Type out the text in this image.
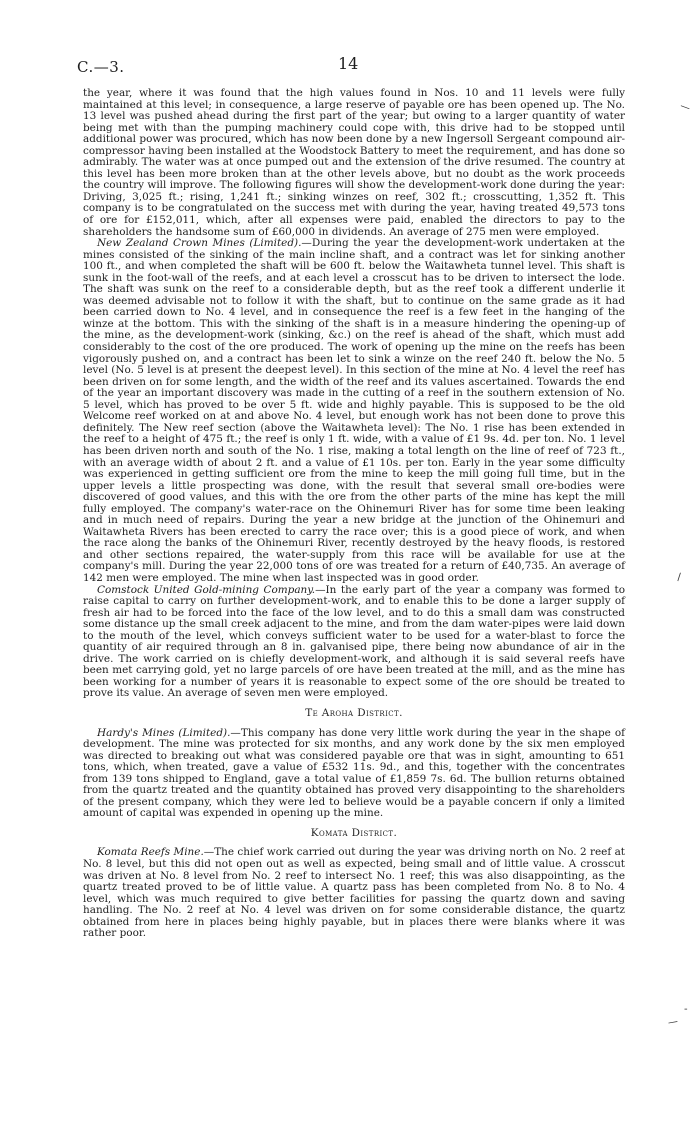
C.—3.	14

the year, where it was found that the high values found in Nos. 10 and 11 levels were fully maintained at this level; in consequence, a large reserve of payable ore has been opened up. The No. 13 level was pushed ahead during the first part of the year; but owing to a larger quantity of water being met with than the pumping machinery could cope with, this drive had to be stopped until additional power was procured, which has now been done by a new Ingersoll Sergeant compound air-compressor having been installed at the Woodstock Battery to meet the requirement, and has done so admirably. The water was at once pumped out and the extension of the drive resumed. The country at this level has been more broken than at the other levels above, but no doubt as the work proceeds the country will improve. The following figures will show the development-work done during the year: Driving, 3,025 ft.; rising, 1,241 ft.; sinking winzes on reef, 302 ft.; crosscutting, 1,352 ft. This company is to be congratulated on the success met with during the year, having treated 49,573 tons of ore for £152,011, which, after all expenses were paid, enabled the directors to pay to the shareholders the handsome sum of £60,000 in dividends. An average of 275 men were employed.

New Zealand Crown Mines (Limited).—During the year the development-work undertaken at the mines consisted of the sinking of the main incline shaft, and a contract was let for sinking another 100 ft., and when completed the shaft will be 600 ft. below the Waitawheta tunnel level. This shaft is sunk in the foot-wall of the reefs, and at each level a crosscut has to be driven to intersect the lode. The shaft was sunk on the reef to a considerable depth, but as the reef took a different underlie it was deemed advisable not to follow it with the shaft, but to continue on the same grade as it had been carried down to No. 4 level, and in consequence the reef is a few feet in the hanging of the winze at the bottom. This with the sinking of the shaft is in a measure hindering the opening-up of the mine, as the development-work (sinking, &c.) on the reef is ahead of the shaft, which must add considerably to the cost of the ore produced. The work of opening up the mine on the reefs has been vigorously pushed on, and a contract has been let to sink a winze on the reef 240 ft. below the No. 5 level (No. 5 level is at present the deepest level). In this section of the mine at No. 4 level the reef has been driven on for some length, and the width of the reef and its values ascertained. Towards the end of the year an important discovery was made in the cutting of a reef in the southern extension of No. 5 level, which has proved to be over 5 ft. wide and highly payable. This is supposed to be the old Welcome reef worked on at and above No. 4 level, but enough work has not been done to prove this definitely. The New reef section (above the Waitawheta level): The No. 1 rise has been extended in the reef to a height of 475 ft.; the reef is only 1 ft. wide, with a value of £1 9s. 4d. per ton. No. 1 level has been driven north and south of the No. 1 rise, making a total length on the line of reef of 723 ft., with an average width of about 2 ft. and a value of £1 10s. per ton. Early in the year some difficulty was experienced in getting sufficient ore from the mine to keep the mill going full time, but in the upper levels a little prospecting was done, with the result that several small ore-bodies were discovered of good values, and this with the ore from the other parts of the mine has kept the mill fully employed. The company's water-race on the Ohinemuri River has for some time been leaking and in much need of repairs. During the year a new bridge at the junction of the Ohinemuri and Waitawheta Rivers has been erected to carry the race over; this is a good piece of work, and when the race along the banks of the Ohinemuri River, recently destroyed by the heavy floods, is restored and other sections repaired, the water-supply from this race will be available for use at the company's mill. During the year 22,000 tons of ore was treated for a return of £40,735. An average of 142 men were employed. The mine when last inspected was in good order.

Comstock United Gold-mining Company.—In the early part of the year a company was formed to raise capital to carry on further development-work, and to enable this to be done a larger supply of fresh air had to be forced into the face of the low level, and to do this a small dam was constructed some distance up the small creek adjacent to the mine, and from the dam water-pipes were laid down to the mouth of the level, which conveys sufficient water to be used for a water-blast to force the quantity of air required through an 8 in. galvanised pipe, there being now abundance of air in the drive. The work carried on is chiefly development-work, and although it is said several reefs have been met carrying gold, yet no large parcels of ore have been treated at the mill, and as the mine has been working for a number of years it is reasonable to expect some of the ore should be treated to prove its value. An average of seven men were employed.

Te Aroha District.

Hardy's Mines (Limited).—This company has done very little work during the year in the shape of development. The mine was protected for six months, and any work done by the six men employed was directed to breaking out what was considered payable ore that was in sight, amounting to 651 tons, which, when treated, gave a value of £532 11s. 9d., and this, together with the concentrates from 139 tons shipped to England, gave a total value of £1,859 7s. 6d. The bullion returns obtained from the quartz treated and the quantity obtained has proved very disappointing to the shareholders of the present company, which they were led to believe would be a payable concern if only a limited amount of capital was expended in opening up the mine.

Komata District.

Komata Reefs Mine.—The chief work carried out during the year was driving north on No. 2 reef at No. 8 level, but this did not open out as well as expected, being small and of little value. A crosscut was driven at No. 8 level from No. 2 reef to intersect No. 1 reef; this was also disappointing, as the quartz treated proved to be of little value. A quartz pass has been completed from No. 8 to No. 4 level, which was much required to give better facilities for passing the quartz down and saving handling. The No. 2 reef at No. 4 level was driven on for some considerable distance, the quartz obtained from here in places being highly payable, but in places there were blanks where it was rather poor.

—
∖
—
-
